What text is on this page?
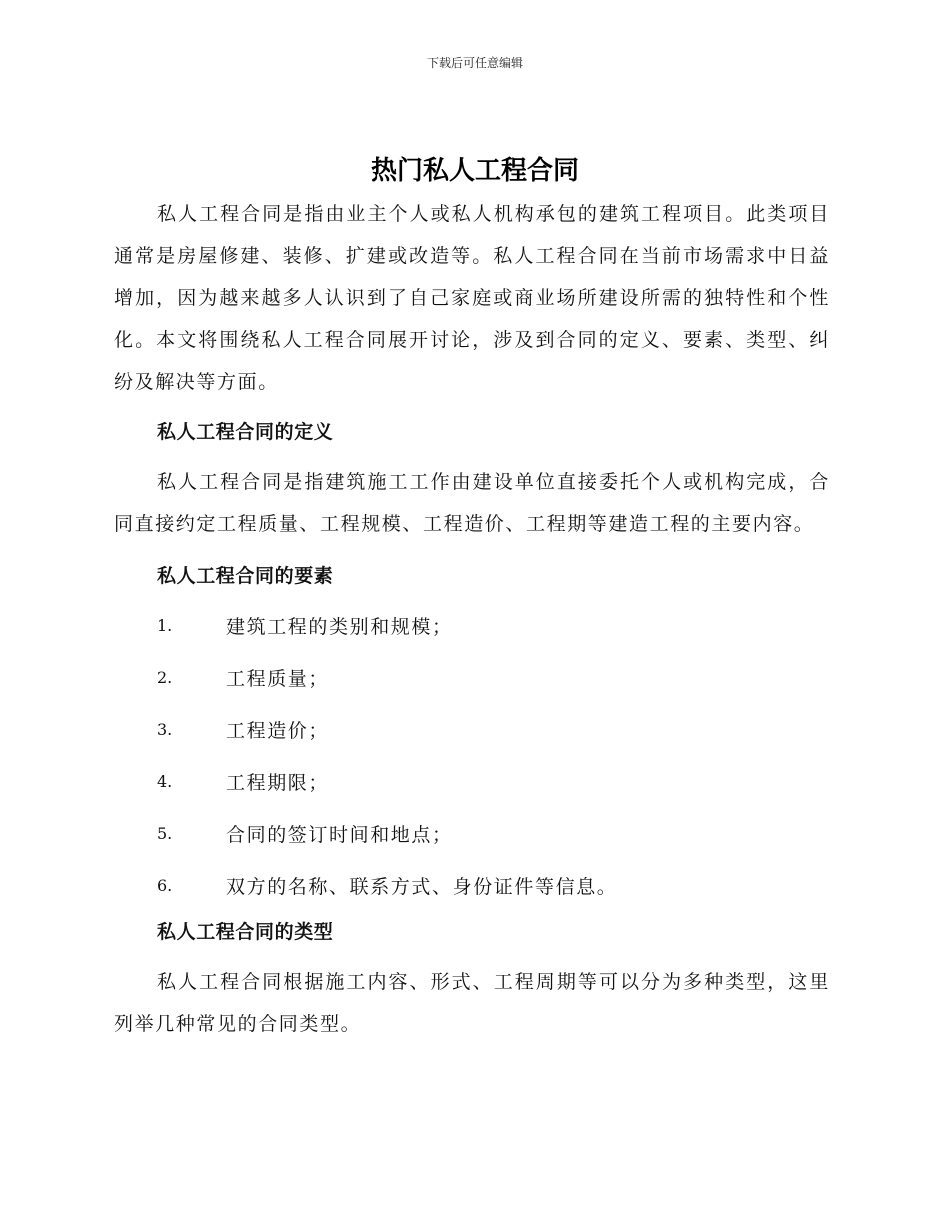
下载后可任意编辑
热门私人工程合同

私人工程合同是指由业主个人或私人机构承包的建筑工程项目。此类项目通常是房屋修建、装修、扩建或改造等。私人工程合同在当前市场需求中日益增加，因为越来越多人认识到了自己家庭或商业场所建设所需的独特性和个性化。本文将围绕私人工程合同展开讨论，涉及到合同的定义、要素、类型、纠纷及解决等方面。

私人工程合同的定义

私人工程合同是指建筑施工工作由建设单位直接委托个人或机构完成，合同直接约定工程质量、工程规模、工程造价、工程期等建造工程的主要内容。

私人工程合同的要素
1.	建筑工程的类别和规模；
2.	工程质量；
3.	工程造价；
4.	工程期限；
5.	合同的签订时间和地点；
6.	双方的名称、联系方式、身份证件等信息。
私人工程合同的类型

私人工程合同根据施工内容、形式、工程周期等可以分为多种类型，这里列举几种常见的合同类型。
